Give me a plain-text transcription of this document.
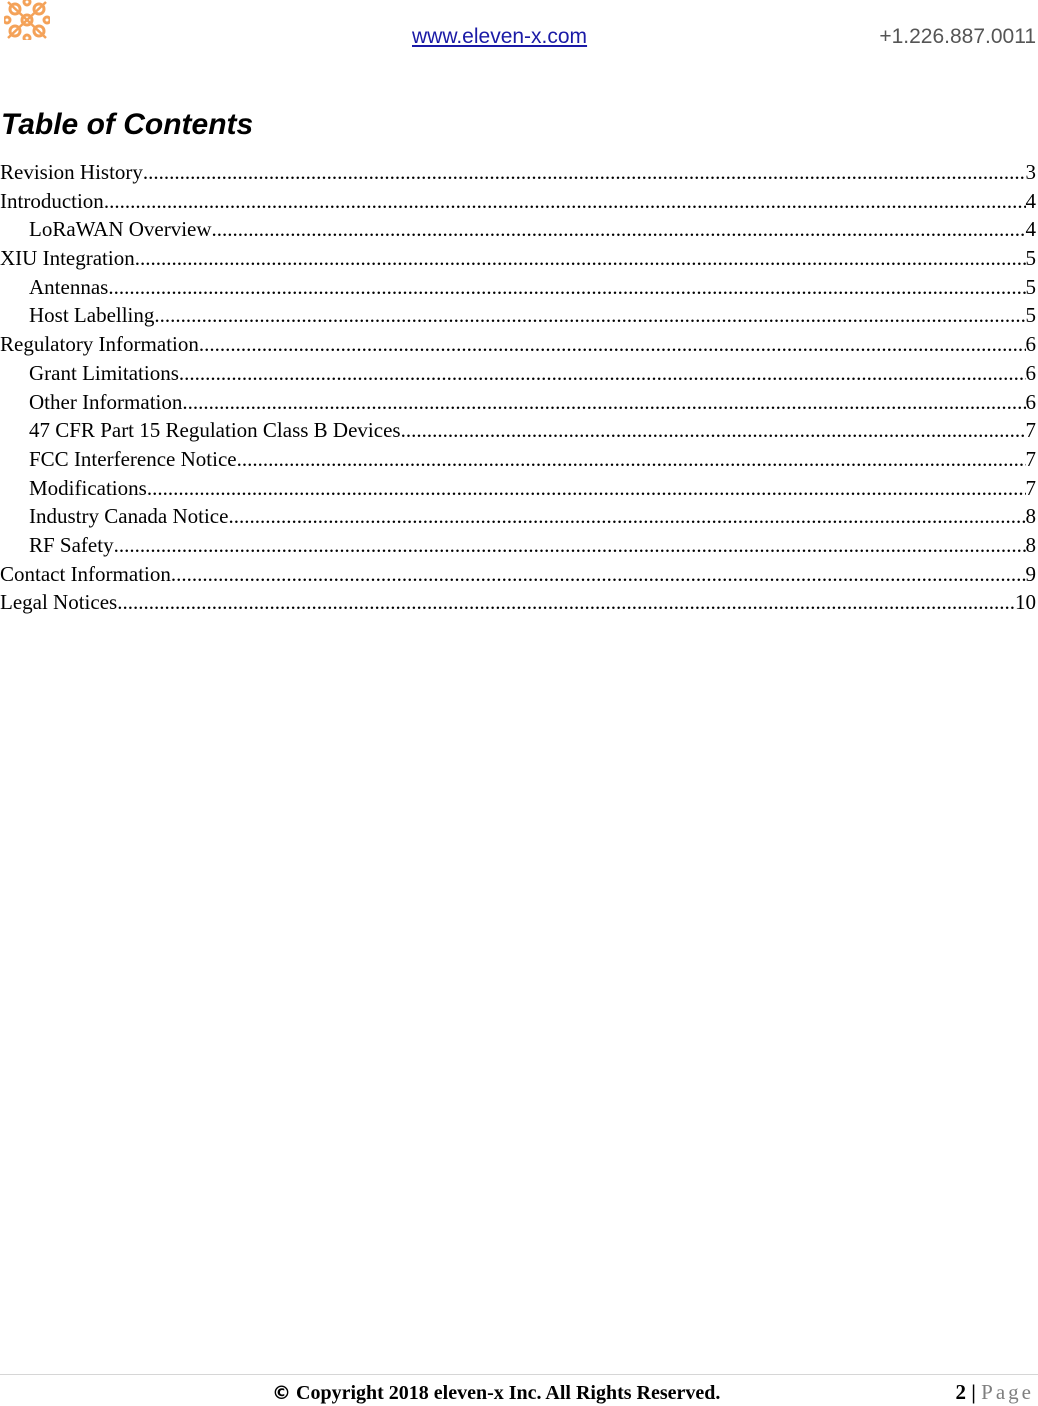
www.eleven-x.com	+1.226.887.0011
Table of Contents
Revision History .....	3
Introduction .....	4
LoRaWAN Overview .....	4
XIU Integration .....	5
Antennas .....	5
Host Labelling .....	5
Regulatory Information .....	6
Grant Limitations .....	6
Other Information .....	6
47 CFR Part 15 Regulation Class B Devices .....	7
FCC Interference Notice .....	7
Modifications .....	7
Industry Canada Notice .....	8
RF Safety .....	8
Contact Information .....	9
Legal Notices .....	10
© Copyright 2018 eleven-x Inc. All Rights Reserved.	2 | Page
